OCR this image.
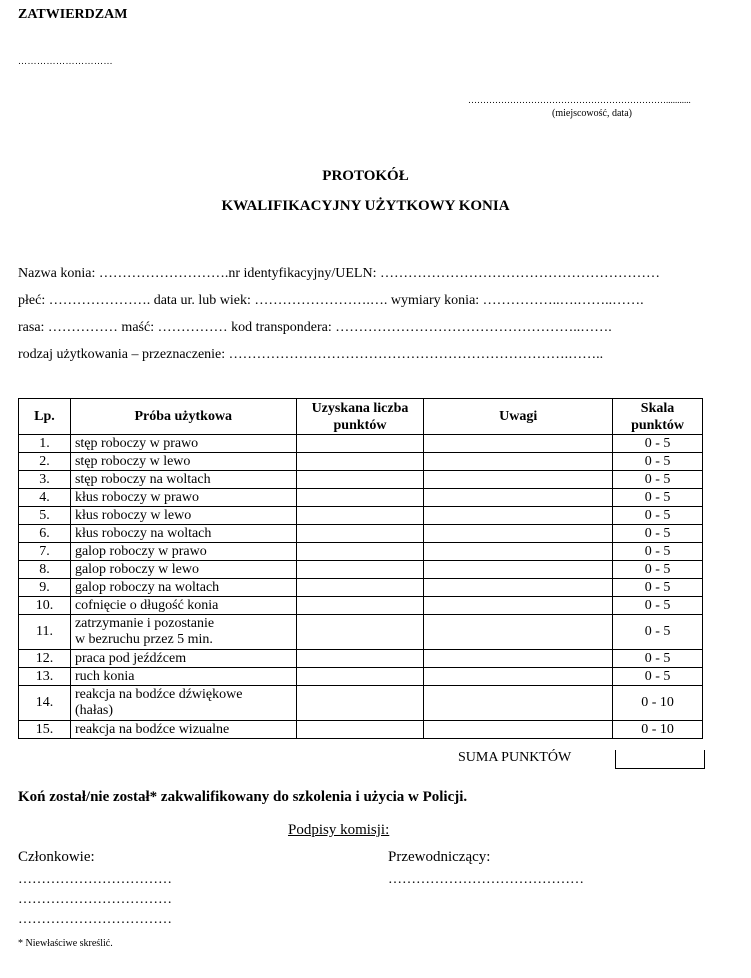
ZATWIERDZAM
…………………………
…………………………………………………………...........
(miejscowość, data)
PROTOKÓŁ
KWALIFIKACYJNY UŻYTKOWY KONIA
Nazwa konia: ……………………….nr identyfikacyjny/UELN: ……………………………………………………
płeć: …………………. data ur. lub wiek: …………………….…. wymiary konia: ……………..….……..…….
rasa: …………… maść: …………… kod transpondera: ……………………………………………..…….
rodzaj użytkowania – przeznaczenie: ……………………………………………………………….……..
Lp.	Próba użytkowa	Uzyskana liczba punktów	Uwagi	Skala punktów
1.	stęp roboczy w prawo			0 - 5
2.	stęp roboczy w lewo			0 - 5
3.	stęp roboczy na woltach			0 - 5
4.	kłus roboczy w prawo			0 - 5
5.	kłus roboczy w lewo			0 - 5
6.	kłus roboczy na woltach			0 - 5
7.	galop roboczy w prawo			0 - 5
8.	galop roboczy w lewo			0 - 5
9.	galop roboczy na woltach			0 - 5
10.	cofnięcie o długość konia			0 - 5
11.	zatrzymanie i pozostanie
w bezruchu przez 5 min.			0 - 5
12.	praca pod jeźdźcem			0 - 5
13.	ruch konia			0 - 5
14.	reakcja na bodźce dźwiękowe
(hałas)			0 - 10
15.	reakcja na bodźce wizualne			0 - 10
SUMA PUNKTÓW
Koń został/nie został* zakwalifikowany do szkolenia i użycia w Policji.
Podpisy komisji:
Członkowie:	Przewodniczący:
……………………………
……………………………
……………………………
……………………………………
* Niewłaściwe skreślić.
